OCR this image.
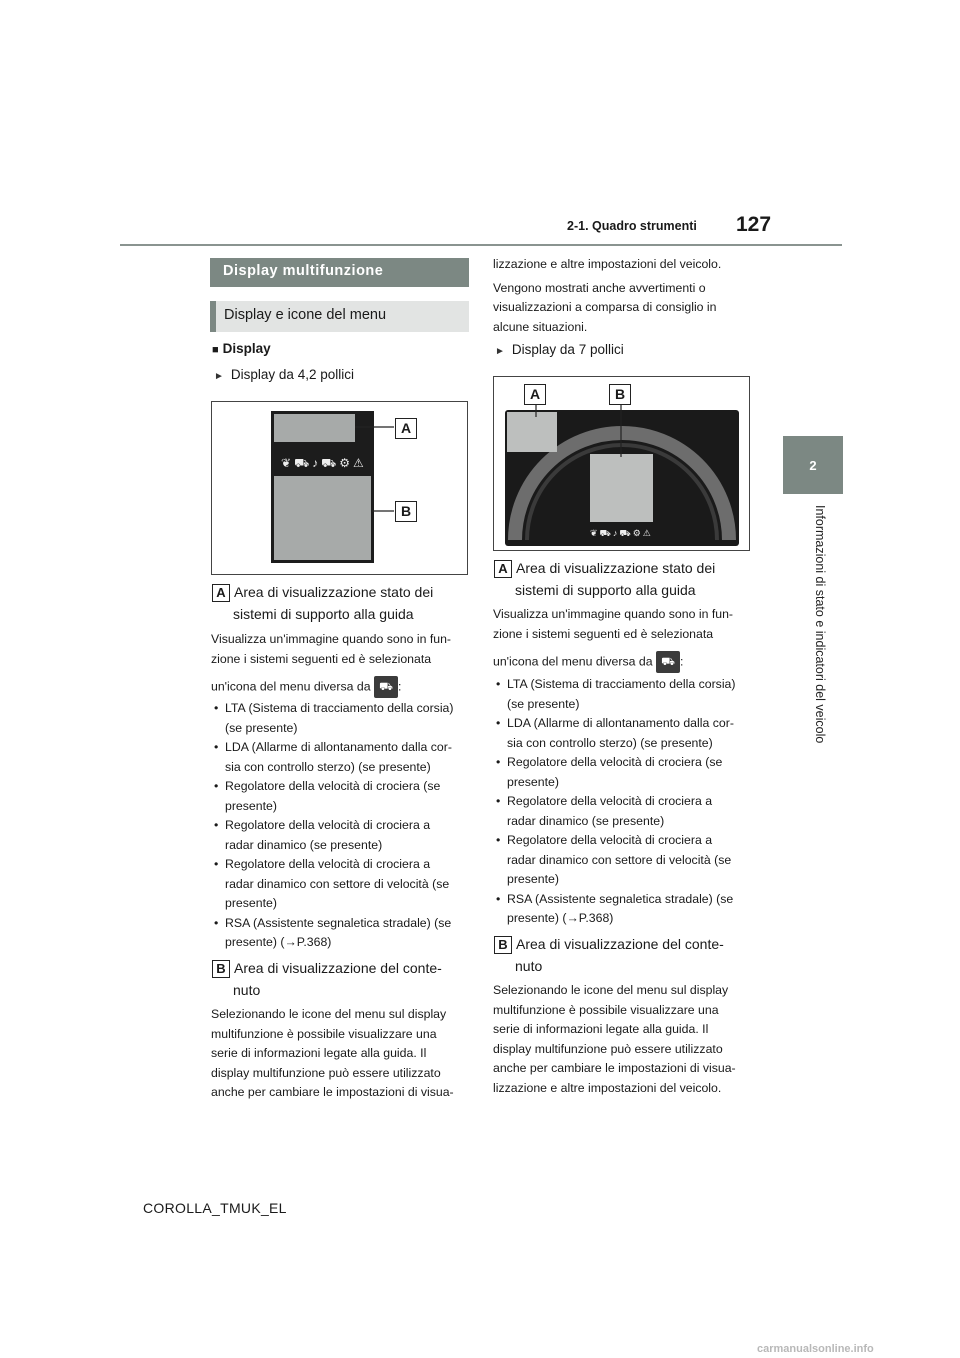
2-1. Quadro strumenti 127
2
Informazioni di stato e indicatori del veicolo
Display multifunzione
Display e icone del menu
■ Display
► Display da 4,2 pollici
❦⛟♪⛟⚙⚠
A
B
A Area di visualizzazione stato dei
sistemi di supporto alla guida
Visualizza un'immagine quando sono in fun-
zione i sistemi seguenti ed è selezionata
un'icona del menu diversa da ⛟ :
• LTA (Sistema di tracciamento della corsia)
(se presente)
• LDA (Allarme di allontanamento dalla cor-
sia con controllo sterzo) (se presente)
• Regolatore della velocità di crociera (se
presente)
• Regolatore della velocità di crociera a
radar dinamico (se presente)
• Regolatore della velocità di crociera a
radar dinamico con settore di velocità (se
presente)
• RSA (Assistente segnaletica stradale) (se
presente) (→P.368)
B Area di visualizzazione del conte-
nuto
Selezionando le icone del menu sul display
multifunzione è possibile visualizzare una
serie di informazioni legate alla guida. Il
display multifunzione può essere utilizzato
anche per cambiare le impostazioni di visua-
lizzazione e altre impostazioni del veicolo.
Vengono mostrati anche avvertimenti o
visualizzazioni a comparsa di consiglio in
alcune situazioni.
► Display da 7 pollici
❦⛟♪⛟⚙⚠
A	B
A Area di visualizzazione stato dei
sistemi di supporto alla guida
Visualizza un'immagine quando sono in fun-
zione i sistemi seguenti ed è selezionata
un'icona del menu diversa da ⛟ :
• LTA (Sistema di tracciamento della corsia)
(se presente)
• LDA (Allarme di allontanamento dalla cor-
sia con controllo sterzo) (se presente)
• Regolatore della velocità di crociera (se
presente)
• Regolatore della velocità di crociera a
radar dinamico (se presente)
• Regolatore della velocità di crociera a
radar dinamico con settore di velocità (se
presente)
• RSA (Assistente segnaletica stradale) (se
presente) (→P.368)
B Area di visualizzazione del conte-
nuto
Selezionando le icone del menu sul display
multifunzione è possibile visualizzare una
serie di informazioni legate alla guida. Il
display multifunzione può essere utilizzato
anche per cambiare le impostazioni di visua-
lizzazione e altre impostazioni del veicolo.
COROLLA_TMUK_EL
carmanualsonline.info
